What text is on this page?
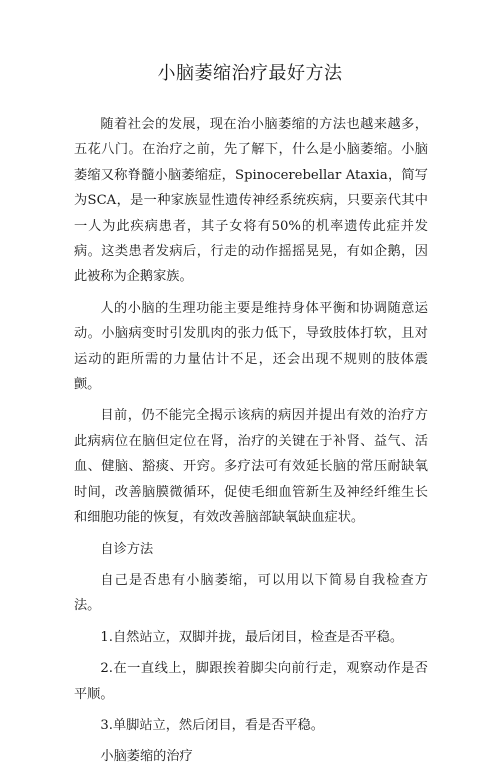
小脑萎缩治疗最好方法

随着社会的发展，现在治小脑萎缩的方法也越来越多，五花八门。在治疗之前，先了解下，什么是小脑萎缩。小脑萎缩又称脊髓小脑萎缩症，Spinocerebellar Ataxia，简写为SCA，是一种家族显性遗传神经系统疾病，只要亲代其中一人为此疾病患者，其子女将有50%的机率遗传此症并发病。这类患者发病后，行走的动作摇摇晃晃，有如企鹅，因此被称为企鹅家族。

人的小脑的生理功能主要是维持身体平衡和协调随意运动。小脑病变时引发肌肉的张力低下，导致肢体打软，且对运动的距所需的力量估计不足，还会出现不规则的肢体震颤。

目前，仍不能完全揭示该病的病因并提出有效的治疗方此病病位在脑但定位在肾，治疗的关键在于补肾、益气、活血、健脑、豁痰、开窍。多疗法可有效延长脑的常压耐缺氧时间，改善脑膜微循环，促使毛细血管新生及神经纤维生长和细胞功能的恢复，有效改善脑部缺氧缺血症状。

自诊方法

自己是否患有小脑萎缩，可以用以下简易自我检查方法。

1.自然站立，双脚并拢，最后闭目，检查是否平稳。

2.在一直线上，脚跟挨着脚尖向前行走，观察动作是否平顺。

3.单脚站立，然后闭目，看是否平稳。

小脑萎缩的治疗
